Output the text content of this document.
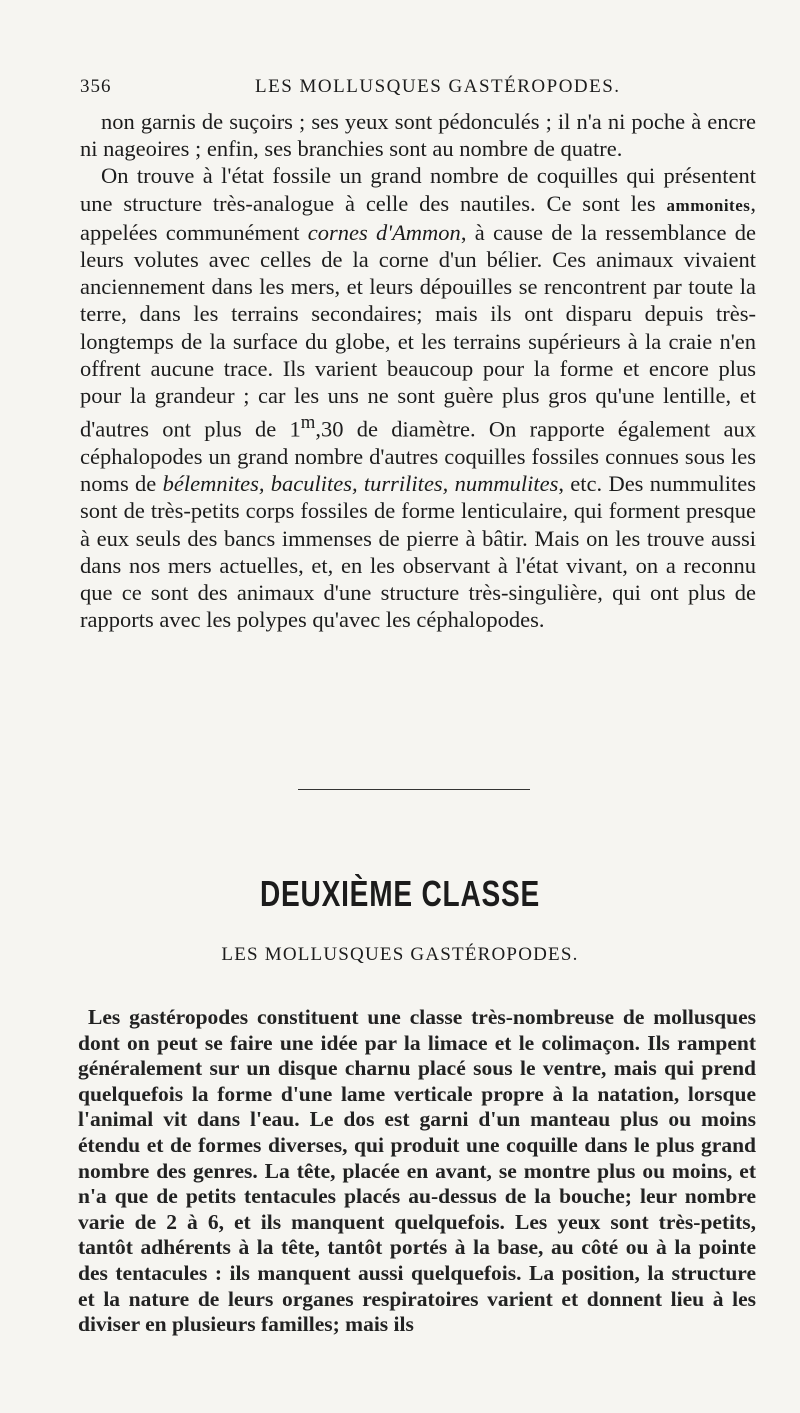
356	LES MOLLUSQUES GASTÉROPODES.

non garnis de suçoirs ; ses yeux sont pédonculés ; il n'a ni poche à encre ni nageoires ; enfin, ses branchies sont au nombre de quatre.

On trouve à l'état fossile un grand nombre de coquilles qui présentent une structure très-analogue à celle des nautiles. Ce sont les ammonites, appelées communément cornes d'Ammon, à cause de la ressemblance de leurs volutes avec celles de la corne d'un bélier. Ces animaux vivaient anciennement dans les mers, et leurs dépouilles se rencontrent par toute la terre, dans les terrains secondaires; mais ils ont disparu depuis très-longtemps de la surface du globe, et les terrains supérieurs à la craie n'en offrent aucune trace. Ils varient beaucoup pour la forme et encore plus pour la grandeur ; car les uns ne sont guère plus gros qu'une lentille, et d'autres ont plus de 1$^m$,30 de diamètre. On rapporte également aux céphalopodes un grand nombre d'autres coquilles fossiles connues sous les noms de bélemnites, baculites, turrilites, nummulites, etc. Des nummulites sont de très-petits corps fossiles de forme lenticulaire, qui forment presque à eux seuls des bancs immenses de pierre à bâtir. Mais on les trouve aussi dans nos mers actuelles, et, en les observant à l'état vivant, on a reconnu que ce sont des animaux d'une structure très-singulière, qui ont plus de rapports avec les polypes qu'avec les céphalopodes.

DEUXIÈME CLASSE
LES MOLLUSQUES GASTÉROPODES.

Les gastéropodes constituent une classe très-nombreuse de mollusques dont on peut se faire une idée par la limace et le colimaçon. Ils rampent généralement sur un disque charnu placé sous le ventre, mais qui prend quelquefois la forme d'une lame verticale propre à la natation, lorsque l'animal vit dans l'eau. Le dos est garni d'un manteau plus ou moins étendu et de formes diverses, qui produit une coquille dans le plus grand nombre des genres. La tête, placée en avant, se montre plus ou moins, et n'a que de petits tentacules placés au-dessus de la bouche; leur nombre varie de 2 à 6, et ils manquent quelquefois. Les yeux sont très-petits, tantôt adhérents à la tête, tantôt portés à la base, au côté ou à la pointe des tentacules : ils manquent aussi quelquefois. La position, la structure et la nature de leurs organes respiratoires varient et donnent lieu à les diviser en plusieurs familles; mais ils
